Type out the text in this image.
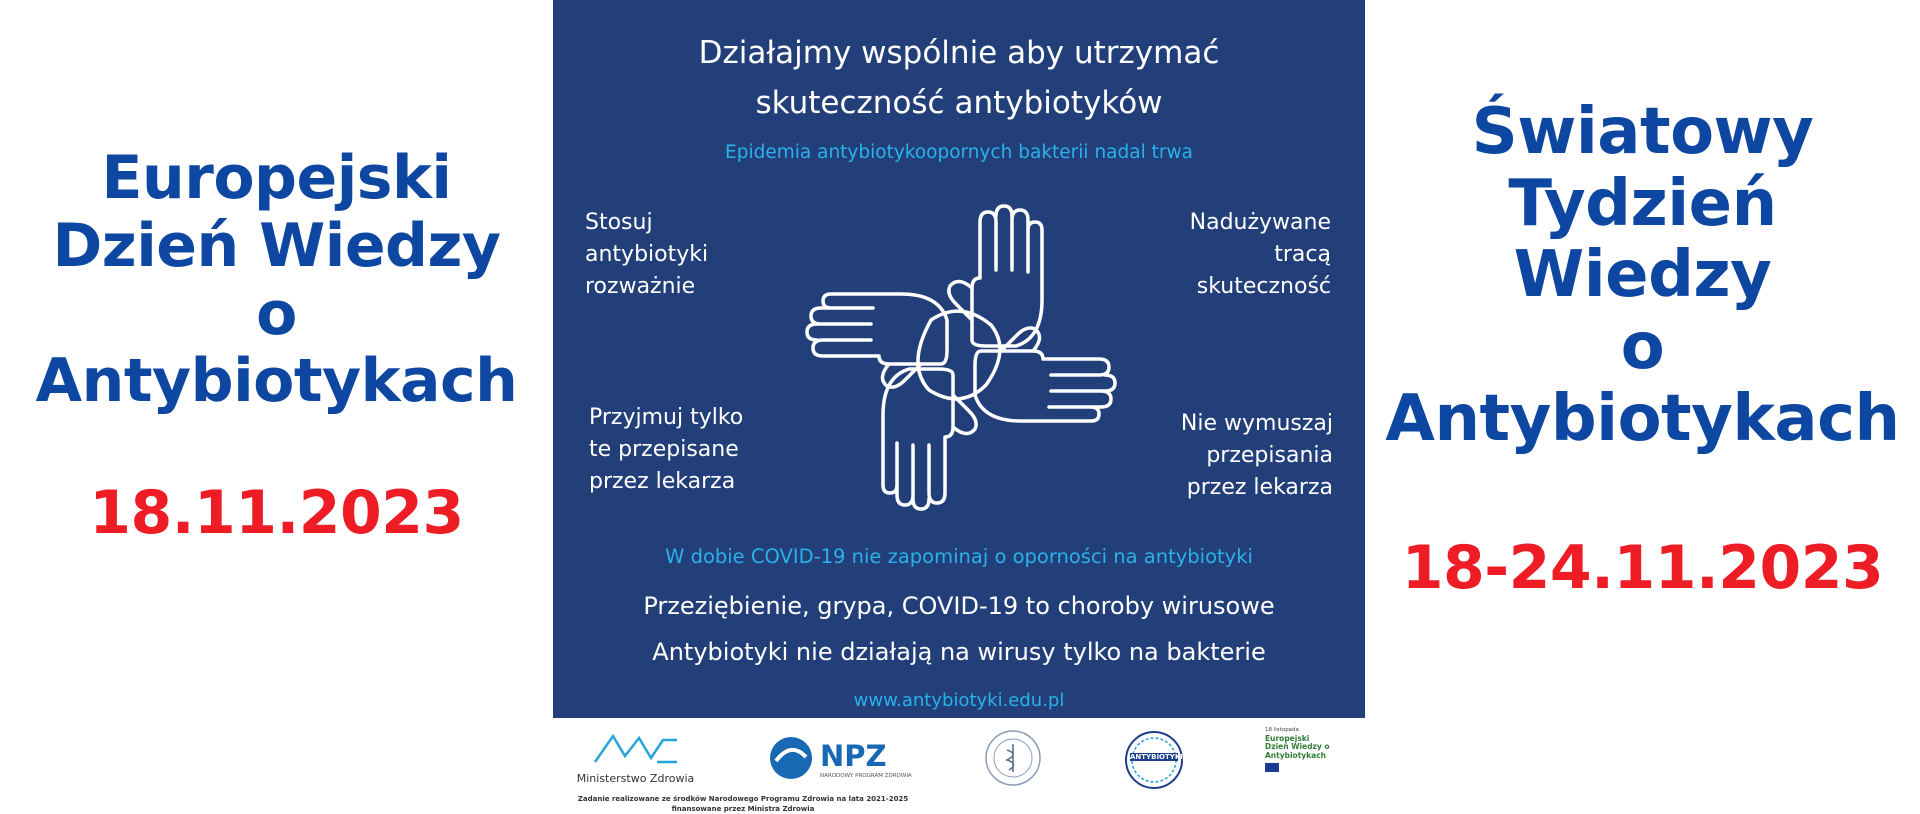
Europejski
Dzień Wiedzy
o
Antybiotykach
18.11.2023
Działajmy wspólnie aby utrzymać
skuteczność antybiotyków
Epidemia antybiotykoopornych bakterii nadal trwa
Stosuj
antybiotyki
rozważnie
Nadużywane
tracą
skuteczność
Przyjmuj tylko
te przepisane
przez lekarza
Nie wymuszaj
przepisania
przez lekarza
W dobie COVID-19 nie zapominaj o oporności na antybiotyki
Przeziębienie, grypa, COVID-19 to choroby wirusowe
Antybiotyki nie działają na wirusy tylko na bakterie
www.antybiotyki.edu.pl
Ministerstwo Zdrowia
NPZ
NARODOWY PROGRAM ZDROWIA
ANTYBIOTYKI
18 listopada
Europejski
Dzień Wiedzy o
Antybiotykach
Zadanie realizowane ze środków Narodowego Programu Zdrowia na lata 2021-2025
finansowane przez Ministra Zdrowia
Światowy
Tydzień
Wiedzy
o
Antybiotykach
18-24.11.2023
